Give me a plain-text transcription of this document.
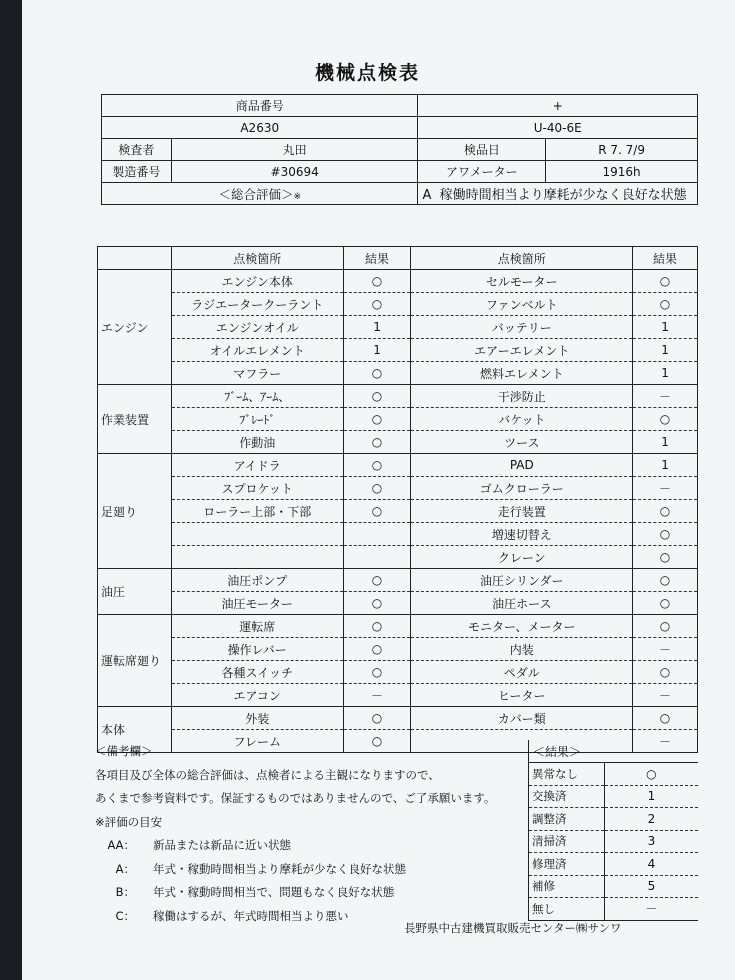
機械点検表
商品番号		+	
A2630		U-40-6E	
検査者	丸田	検品日	R 7. 7/9
製造番号	#30694	アワメーター	1916h
＜総合評価＞※		A 稼働時間相当より摩耗が少なく良好な状態	
	点検箇所	結果	点検箇所	結果
エンジン	エンジン本体	○	セルモーター	○
	ラジエータークーラント	○	ファンベルト	○
	エンジンオイル	1	バッテリー	1
	オイルエレメント	1	エアーエレメント	1
	マフラー	○	燃料エレメント	1
作業装置	ﾌﾞｰﾑ、ｱｰﾑ、	○	干渉防止	－
	ﾌﾞﾚｰﾄﾞ	○	バケット	○
	作動油	○	ツース	1
足廻り	アイドラ	○	PAD	1
	スプロケット	○	ゴムクローラー	－
	ローラー上部・下部	○	走行装置	○
			増速切替え	○
			クレーン	○
油圧	油圧ポンプ	○	油圧シリンダー	○
	油圧モーター	○	油圧ホース	○
運転席廻り	運転席	○	モニター、メーター	○
	操作レバー	○	内装	－
	各種スイッチ	○	ペダル	○
	エアコン	－	ヒーター	－
本体	外装	○	カバー類	○
	フレーム	○		－
＜備考欄＞
各項目及び全体の総合評価は、点検者による主観になりますので、
あくまで参考資料です。保証するものではありませんので、ご了承願います。
※評価の目安
AA： 新品または新品に近い状態
A： 年式・稼動時間相当より摩耗が少なく良好な状態
B： 年式・稼動時間相当で、問題もなく良好な状態
C： 稼働はするが、年式時間相当より悪い
＜結果＞	
異常なし	○
交換済	1
調整済	2
清掃済	3
修理済	4
補修	5
無し	－
長野県中古建機買取販売センター㈱サンワ
